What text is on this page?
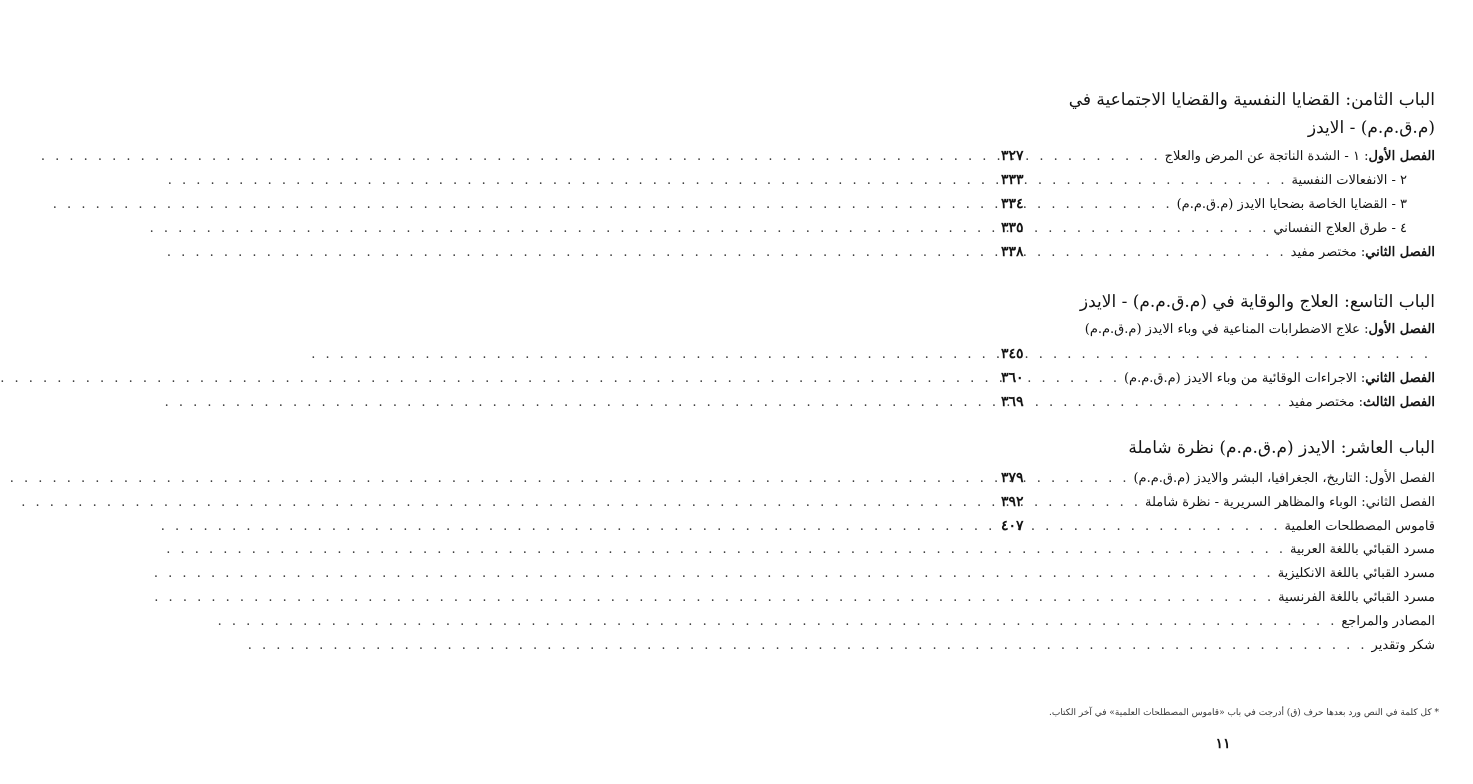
الباب الثامن: القضايا النفسية والقضايا الاجتماعية في
(م.ق.م.م) - الايدز
الفصل الأول: ١ - الشدة الناتجة عن المرض والعلاج
. . .
٣٢٧
٢ - الانفعالات النفسية
. . .
٣٣٣
٣ - القضايا الخاصة بضحايا الايدز (م.ق.م.م)
. . .
٣٣٤
٤ - طرق العلاج النفساني
. . .
٣٣٥
الفصل الثاني: مختصر مفيد
. . .
٣٣٨
الباب التاسع: العلاج والوقاية في (م.ق.م.م) - الايدز
الفصل الأول: علاج الاضطرابات المناعية في وباء الايدز (م.ق.م.م)
. . .
٣٤٥
الفصل الثاني: الاجراءات الوقائية من وباء الايدز (م.ق.م.م)
. . .
٣٦٠
الفصل الثالث: مختصر مفيد
. . .
٣٦٩
الباب العاشر: الايدز (م.ق.م.م) نظرة شاملة
الفصل الأول: التاريخ، الجغرافيا، البشر والايدز (م.ق.م.م)
. . .
٣٧٩
الفصل الثاني: الوباء والمظاهر السريرية - نظرة شاملة
. . .
٣٩٢
قاموس المصطلحات العلمية
. . .
٤٠٧
مسرد القبائي باللغة العربية
. . .
مسرد القبائي باللغة الانكليزية
. . .
مسرد القبائي باللغة الفرنسية
. . .
المصادر والمراجع
. . .
شكر وتقدير
. . .
* كل كلمة في النص ورد بعدها حرف (ق) أدرجت في باب «قاموس المصطلحات العلمية» في آخر الكتاب.
١١
